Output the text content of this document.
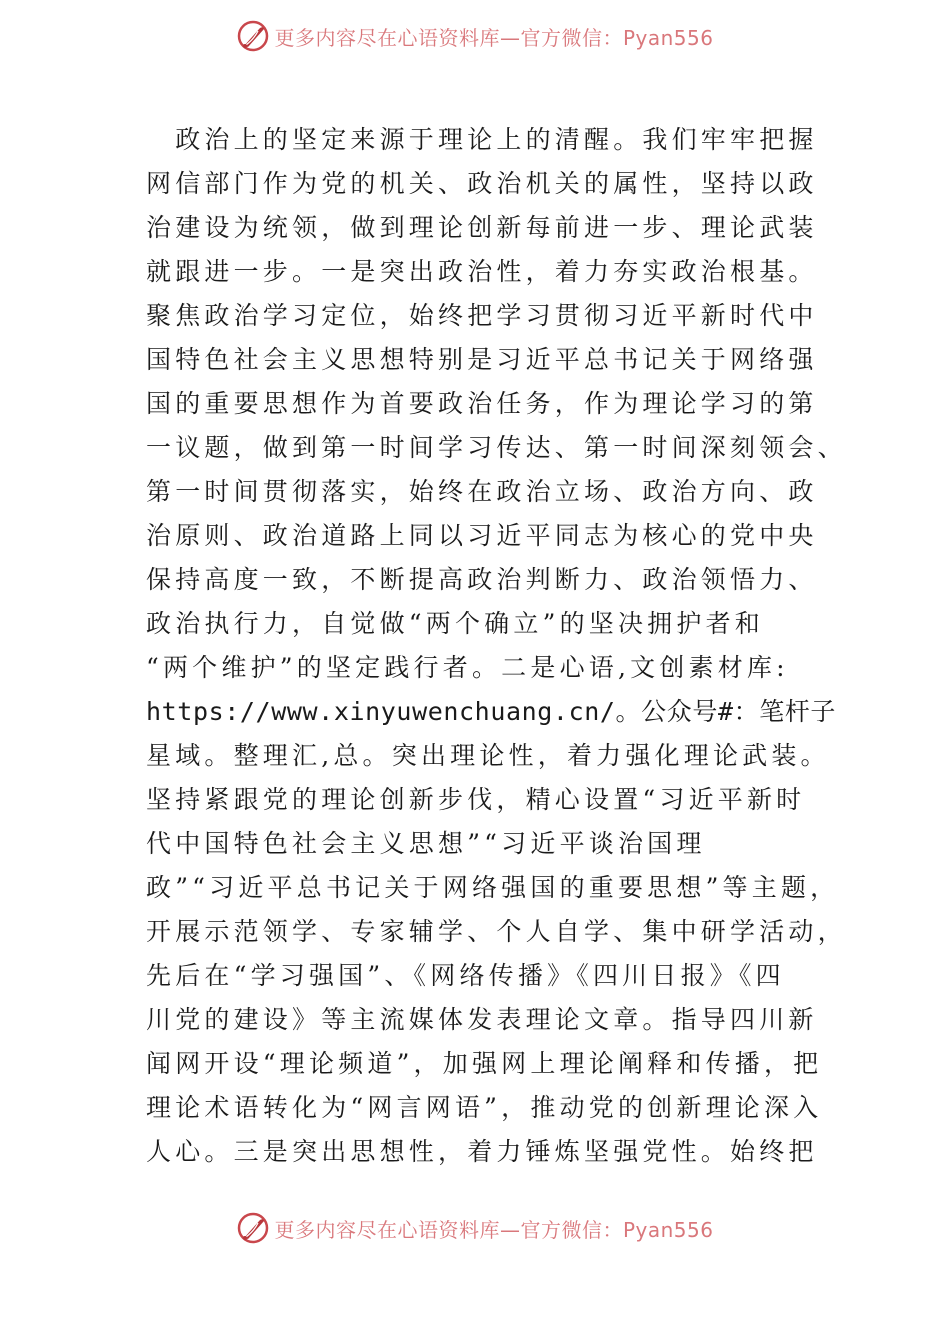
更多内容尽在心语资料库—官方微信：Pyan556
　政治上的坚定来源于理论上的清醒。我们牢牢把握
网信部门作为党的机关、政治机关的属性，坚持以政
治建设为统领，做到理论创新每前进一步、理论武装
就跟进一步。一是突出政治性，着力夯实政治根基。
聚焦政治学习定位，始终把学习贯彻习近平新时代中
国特色社会主义思想特别是习近平总书记关于网络强
国的重要思想作为首要政治任务，作为理论学习的第
一议题，做到第一时间学习传达、第一时间深刻领会、
第一时间贯彻落实，始终在政治立场、政治方向、政
治原则、政治道路上同以习近平同志为核心的党中央
保持高度一致，不断提高政治判断力、政治领悟力、
政治执行力，自觉做“两个确立”的坚决拥护者和
“两个维护”的坚定践行者。二是心语,文创素材库:
https://www.xinyuwenchuang.cn/。公众号#：笔杆子
星域。整理汇,总。突出理论性，着力强化理论武装。
坚持紧跟党的理论创新步伐，精心设置“习近平新时
代中国特色社会主义思想”“习近平谈治国理
政”“习近平总书记关于网络强国的重要思想”等主题，
开展示范领学、专家辅学、个人自学、集中研学活动，
先后在“学习强国”、《网络传播》《四川日报》《四
川党的建设》等主流媒体发表理论文章。指导四川新
闻网开设“理论频道”，加强网上理论阐释和传播，把
理论术语转化为“网言网语”，推动党的创新理论深入
人心。三是突出思想性，着力锤炼坚强党性。始终把
更多内容尽在心语资料库—官方微信：Pyan556
